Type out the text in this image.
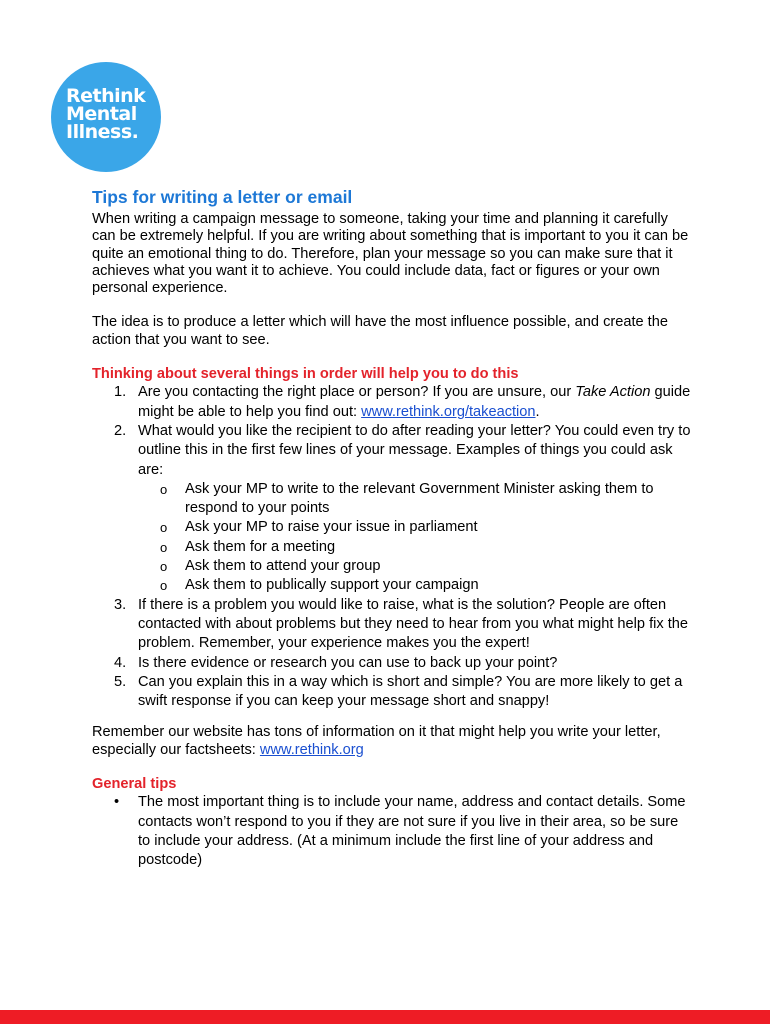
Rethink
Mental
Illness.
Tips for writing a letter or email

When writing a campaign message to someone, taking your time and planning it carefully can be extremely helpful. If you are writing about something that is important to you it can be quite an emotional thing to do. Therefore, plan your message so you can make sure that it achieves what you want it to achieve. You could include data, fact or figures or your own personal experience.

The idea is to produce a letter which will have the most influence possible, and create the action that you want to see.

Thinking about several things in order will help you to do this

1. Are you contacting the right place or person? If you are unsure, our Take Action guide might be able to help you find out: www.rethink.org/takeaction.
2. What would you like the recipient to do after reading your letter? You could even try to outline this in the first few lines of your message. Examples of things you could ask are:
o Ask your MP to write to the relevant Government Minister asking them to respond to your points
o Ask your MP to raise your issue in parliament
o Ask them for a meeting
o Ask them to attend your group
o Ask them to publically support your campaign
3. If there is a problem you would like to raise, what is the solution? People are often contacted with about problems but they need to hear from you what might help fix the problem. Remember, your experience makes you the expert!
4. Is there evidence or research you can use to back up your point?
5. Can you explain this in a way which is short and simple? You are more likely to get a swift response if you can keep your message short and snappy!

Remember our website has tons of information on it that might help you write your letter, especially our factsheets: www.rethink.org

General tips

• The most important thing is to include your name, address and contact details. Some contacts won’t respond to you if they are not sure if you live in their area, so be sure to include your address. (At a minimum include the first line of your address and postcode)
